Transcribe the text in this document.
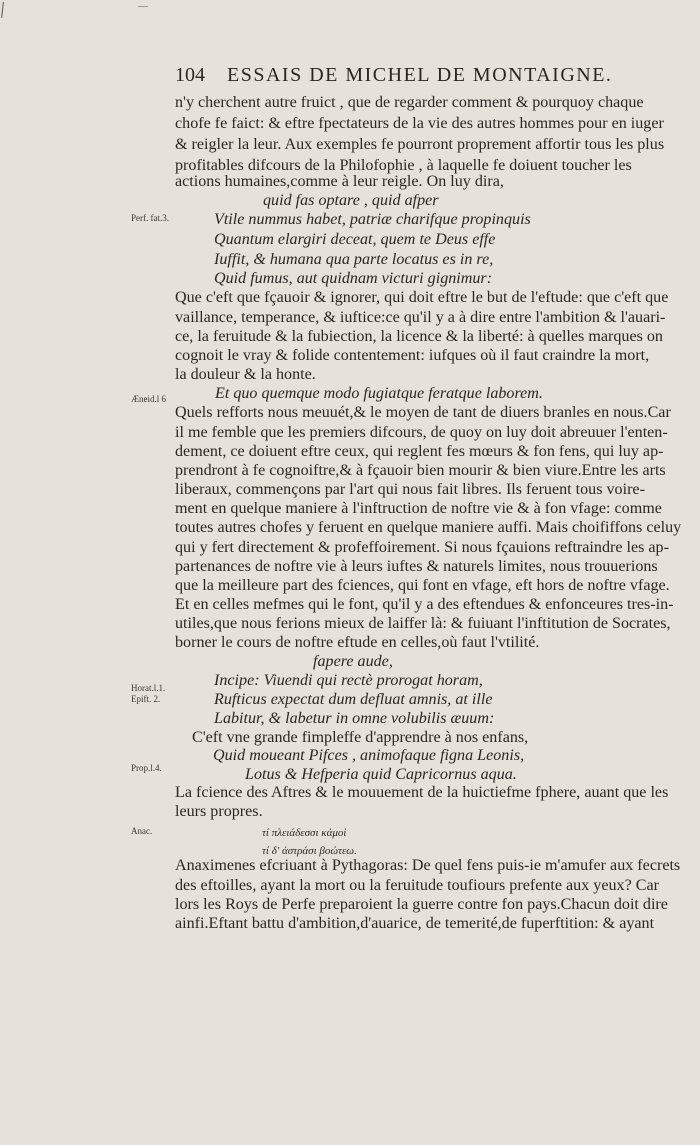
104 ESSAIS DE MICHEL DE MONTAIGNE.
Perf. fat.3.
Æneid.l 6
Horat.l.1.
Epift. 2.
Prop.l.4.
Anac.
n'y cherchent autre fruict , que de regarder comment & pourquoy chaque
chofe fe faict: & eftre fpectateurs de la vie des autres hommes pour en iuger
& reigler la leur. Aux exemples fe pourront proprement affortir tous les plus
profitables difcours de la Philofophie , à laquelle fe doiuent toucher les
actions humaines,comme à leur reigle. On luy dira,
quid fas optare , quid afper
Vtile nummus habet, patriæ charifque propinquis
Quantum elargiri deceat, quem te Deus effe
Iuffit, & humana qua parte locatus es in re,
Quid fumus, aut quidnam victuri gignimur:
Que c'eft que fçauoir & ignorer, qui doit eftre le but de l'eftude: que c'eft que
vaillance, temperance, & iuftice:ce qu'il y a à dire entre l'ambition & l'auari-
ce, la feruitude & la fubiection, la licence & la liberté: à quelles marques on
cognoit le vray & folide contentement: iufques où il faut craindre la mort,
la douleur & la honte.
Et quo quemque modo fugiatque feratque laborem.
Quels refforts nous meuuét,& le moyen de tant de diuers branles en nous.Car
il me femble que les premiers difcours, de quoy on luy doit abreuuer l'enten-
dement, ce doiuent eftre ceux, qui reglent fes mœurs & fon fens, qui luy ap-
prendront à fe cognoiftre,& à fçauoir bien mourir & bien viure.Entre les arts
liberaux, commençons par l'art qui nous fait libres. Ils feruent tous voire-
ment en quelque maniere à l'inftruction de noftre vie & à fon vfage: comme
toutes autres chofes y feruent en quelque maniere auffi. Mais choififfons celuy
qui y fert directement & profeffoirement. Si nous fçauions reftraindre les ap-
partenances de noftre vie à leurs iuftes & naturels limites, nous trouuerions
que la meilleure part des fciences, qui font en vfage, eft hors de noftre vfage.
Et en celles mefmes qui le font, qu'il y a des eftendues & enfonceures tres-in-
utiles,que nous ferions mieux de laiffer là: & fuiuant l'inftitution de Socrates,
borner le cours de noftre eftude en celles,où faut l'vtilité.
fapere aude,
Incipe: Viuendi qui rectè prorogat horam,
Rufticus expectat dum defluat amnis, at ille
Labitur, & labetur in omne volubilis æuum:
C'eft vne grande fimpleffe d'apprendre à nos enfans,
Quid moueant Pifces , animofaque figna Leonis,
Lotus & Hefperia quid Capricornus aqua.
La fcience des Aftres & le mouuement de la huictiefme fphere, auant que les
leurs propres.
τί πλειάδεσσι κἀμοὶ
τί δ' ἀστράσι βοώτεω.
Anaximenes efcriuant à Pythagoras: De quel fens puis-ie m'amufer aux fecrets
des eftoilles, ayant la mort ou la feruitude toufiours prefente aux yeux? Car
lors les Roys de Perfe preparoient la guerre contre fon pays.Chacun doit dire
ainfi.Eftant battu d'ambition,d'auarice, de temerité,de fuperftition: & ayant
